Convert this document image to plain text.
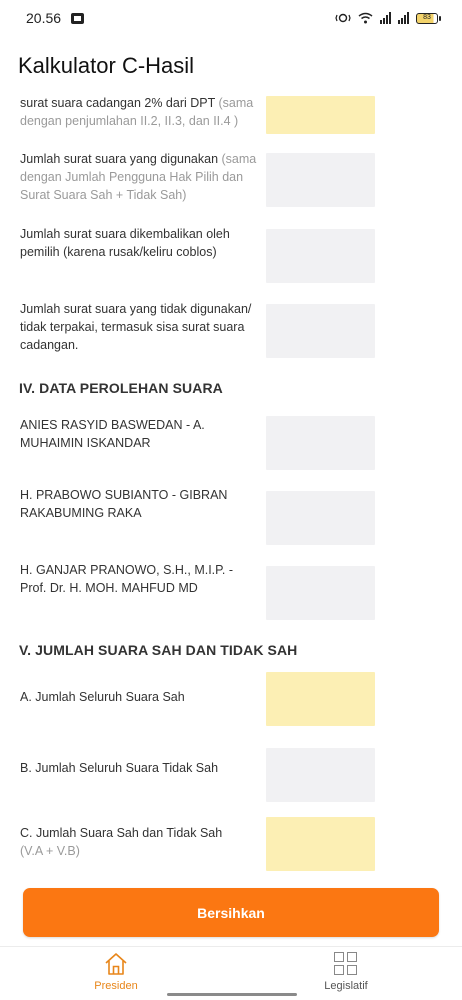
20.56	83
Kalkulator C-Hasil
surat suara cadangan 2% dari DPT (sama dengan penjumlahan II.2, II.3, dan II.4 )
Jumlah surat suara yang digunakan (sama dengan Jumlah Pengguna Hak Pilih dan Surat Suara Sah + Tidak Sah)
Jumlah surat suara dikembalikan oleh pemilih (karena rusak/keliru coblos)
Jumlah surat suara yang tidak digunakan/ tidak terpakai, termasuk sisa surat suara cadangan.
IV. DATA PEROLEHAN SUARA
ANIES RASYID BASWEDAN - A. MUHAIMIN ISKANDAR
H. PRABOWO SUBIANTO - GIBRAN RAKABUMING RAKA
H. GANJAR PRANOWO, S.H., M.I.P. - Prof. Dr. H. MOH. MAHFUD MD
V. JUMLAH SUARA SAH DAN TIDAK SAH
A. Jumlah Seluruh Suara Sah
B. Jumlah Seluruh Suara Tidak Sah
C. Jumlah Suara Sah dan Tidak Sah
(V.A + V.B)
Bersihkan
Presiden	Legislatif
